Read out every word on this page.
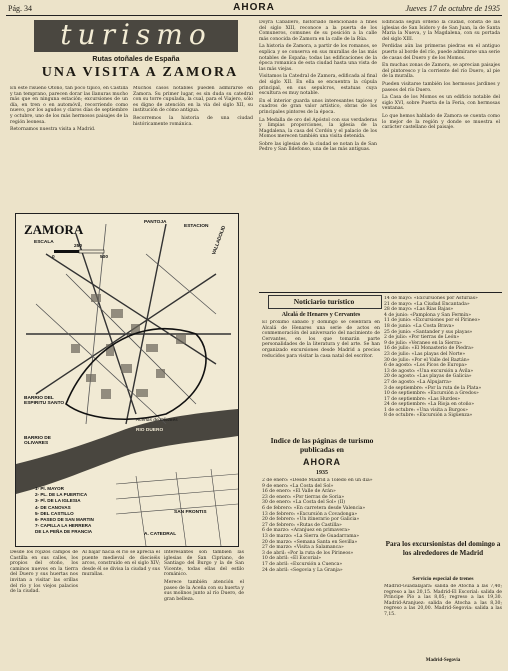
Pág. 34	AHORA	Jueves 17 de octubre de 1935
turismo
Rutas otoñales de España
UNA VISITA A ZAMORA
En este risueño Otoño, tan poco típico, en Castilla y tan temprano, parecen dorar las llanuras mucho más que en ninguna estación; excursiones de un día, en tren o en automóvil, recorriendo como nuevo, por los agudos y claros días de septiembre y octubre, uno de los más hermosos paisajes de la región leonesa.
Retornamos nuestra visita a Madrid.
Muchos casos notables pueden admirarse en Zamora. Su primer lugar, es sin duda su catedral con su torre cupulada, la cual, para el Viajero, sólo es digno de atención en la vía del siglo XII, su institución de cómo antigua.
Recorremos la historia de una ciudad históricamente románica.
ZAMORA
ESCALA
0
250
500
ESTACION
PANTOJA
VALLADOLID
BARRIO DEL ESPIRITU SANTO
BARRIO DE OLIVARES
RIO DUERO
SAN FRONTIS
A. CATEDRAL
Aceñas de Olivares
1- Pl. MAYOR
2- PL. DE LA PUERTICA
3- Pl. DE LA IGLESIA
4- DE CANOVAS
5- DEL CASTILLO
6- PASEO DE SAN MARTIN
7- CAPILLA LA HERRERA
DE LA PEÑA DE FRANCIA
Desde los rojizos campos de Castilla en sus calles, los propios del otoño, los caminos nuevos en la tierra del Duero y sus huertas nos invitan a visitar las orillas del río y los viejos palacios de la ciudad.
Al bajar hacia el río se aprecia el puente medieval de dieciséis arcos, construido en el siglo XIV; desde él se divisa la ciudad y sus murallas.
Interesantes son también las iglesias de San Cipriano, de Santiago del Burgo y la de San Vicente, todas ellas del estilo románico.
Merece también atención el paseo de la Aceña con su huerta y sus molinos junto al río Duero, de gran belleza.
Doyra Caballero, historiado mencionado a fines del siglo XIII, reconoce a la puerta de los Comuneros, comunes de su posición a la calle más conocida de Zamora en la calle de la Rúa.
La historia de Zamora, a partir de los romanos, se explica y se conserva en sus murallas de las más notables de España; todas las edificaciones de la época romanica de esta ciudad hasta una vista de las más viejas.
Visitamos la Catedral de Zamora, edificada al final del siglo XII. En ella se encuentra la cúpula principal, en sus sepulcros, estatuas cuya escultura es muy notable.
En el interior guarda unos interesantes tapices y cuadros de gran valor artístico, obras de los principales pintores de la época.
La Medalla de oro del Apóstol con sus verdaderas y limpias proporciones, la iglesia de la Magdalena, la casa del Cordón y el palacio de los Momos merecen también una visita detenida.
Sobre las iglesias de la ciudad se notan la de San Pedro y San Ildefonso, una de las más antiguas.
Edificada según ordenó la ciudad, consta de las iglesias de San Isidoro y de San Juan, la de Santa Maria la Nueva, y la Magdalena, con su portada del siglo XIII.
Perdidas aún las primeras piedras en el antiguo puerto al borde del río, puede admirarse una serie de casas del Duero y de los Momos.
En muchas zonas de Zamora, se aprecian paisajes del pintoresco y la corriente del río Duero, al pie de la muralla.
Pueden visitarse también los hermosos jardines y paseos del río Duero.
La Casa de los Momos es un edificio notable del siglo XVI, sobre Puerta de la Feria, con hermosas ventanas.
Lo que hemos hablado de Zamora se cuenta como lo mejor de la región y donde se muestra el carácter castellano del paisaje.
Noticiario turístico
Alcalá de Henares y Cervantes
El próximo sábado y domingo se celebrará en Alcalá de Henares una serie de actos en conmemoración del aniversario del nacimiento de Cervantes, en los que tomarán parte personalidades de la literatura y del arte. Se han organizado excursiones desde Madrid a precios reducidos para visitar la casa natal del escritor.
Indice de las páginas de turismo publicadas en
AHORA
1935
2 de enero: «Desde Madrid a Toledo en un día»
9 de enero: «La Costa del Sol»
16 de enero: «El Valle de Arán»
23 de enero: «Por tierras de Soria»
30 de enero: «La Costa del Sol» (II)
6 de febrero: «En carretera desde Valencia»
13 de febrero: «Excursión a Covadonga»
20 de febrero: «Un itinerario por Galicia»
27 de febrero: «Rutas de Castilla»
6 de marzo: «Aranjuez en primavera»
13 de marzo: «La Sierra de Guadarrama»
20 de marzo: «Semana Santa en Sevilla»
27 de marzo: «Visita a Salamanca»
3 de abril: «Por la ruta de los Pirineos»
10 de abril: «El Escorial»
17 de abril: «Excursión a Cuenca»
24 de abril: «Segovia y La Granja»
14 de mayo: «Excursiones por Asturias»
21 de mayo: «La Ciudad Encantada»
28 de mayo: «Las Rías Bajas»
4 de junio: «Pamplona y San Fermín»
11 de junio: «Excursiones por el Pirineo»
18 de junio: «La Costa Brava»
25 de junio: «Santander y sus playas»
2 de julio: «Por tierras de León»
9 de julio: «Veraneo en la Sierra»
16 de julio: «El Monasterio de Piedra»
23 de julio: «Las playas del Norte»
30 de julio: «Por el Valle del Baztán»
6 de agosto: «Los Picos de Europa»
13 de agosto: «Una excursión a Ávila»
20 de agosto: «Las playas de Galicia»
27 de agosto: «La Alpujarra»
3 de septiembre: «Por la ruta de la Plata»
10 de septiembre: «Excursión a Gredos»
17 de septiembre: «Las Hurdes»
24 de septiembre: «La Rioja en otoño»
1 de octubre: «Una visita a Burgos»
8 de octubre: «Excursión a Sigüenza»
Para los excursionistas del domingo a los alrededores de Madrid
Servicio especial de trenes
Madrid-Guadalajara: salida de Atocha a las 7,40; regreso a las 20,15. Madrid-El Escorial: salida de Príncipe Pío a las 8,05; regreso a las 19,30. Madrid-Aranjuez: salida de Atocha a las 8,30; regreso a las 20,00. Madrid-Segovia: salida a las 7,15.
Madrid-Segovia
